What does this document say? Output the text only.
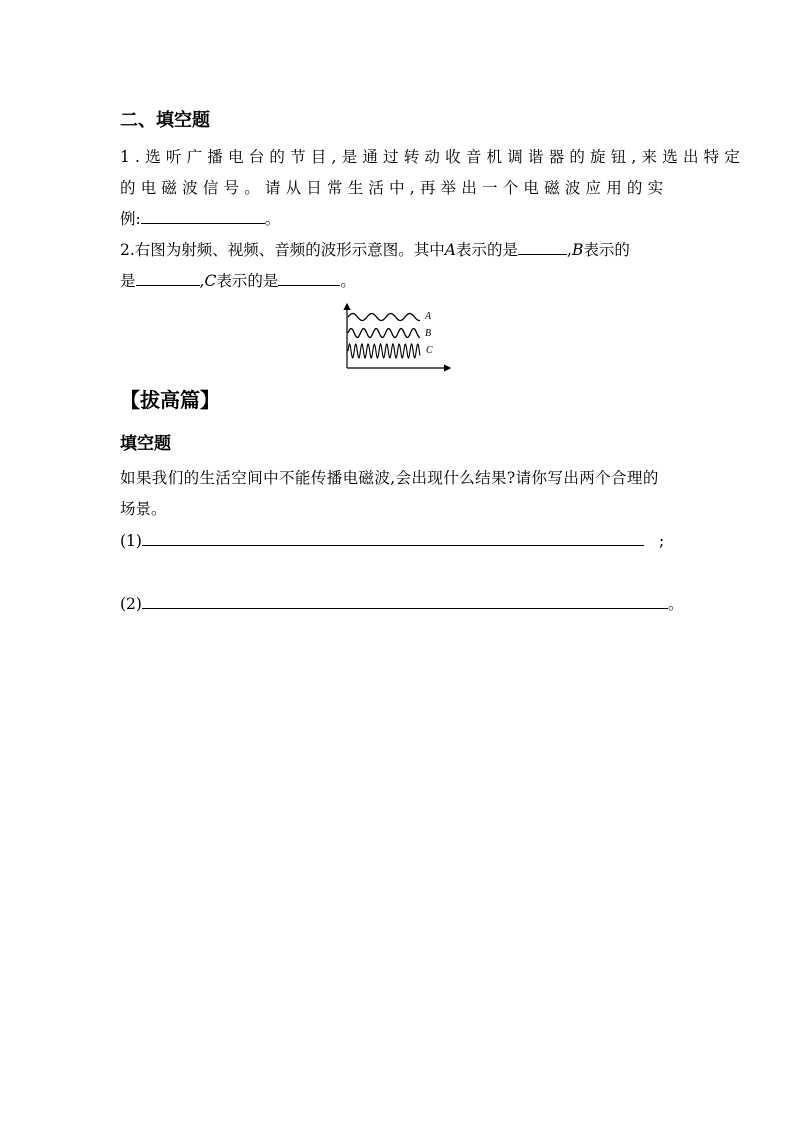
二、填空题
1.选听广播电台的节目,是通过转动收音机调谐器的旋钮,来选出特定
的电磁波信号。请从日常生活中,再举出一个电磁波应用的实
例:	。
2.右图为射频、视频、音频的波形示意图。其中A表示的是	,B表示的
是	,C表示的是	。
A
B
C
【拔高篇】
填空题
如果我们的生活空间中不能传播电磁波,会出现什么结果?请你写出两个合理的
场景。
(1)	;
(2)	。
